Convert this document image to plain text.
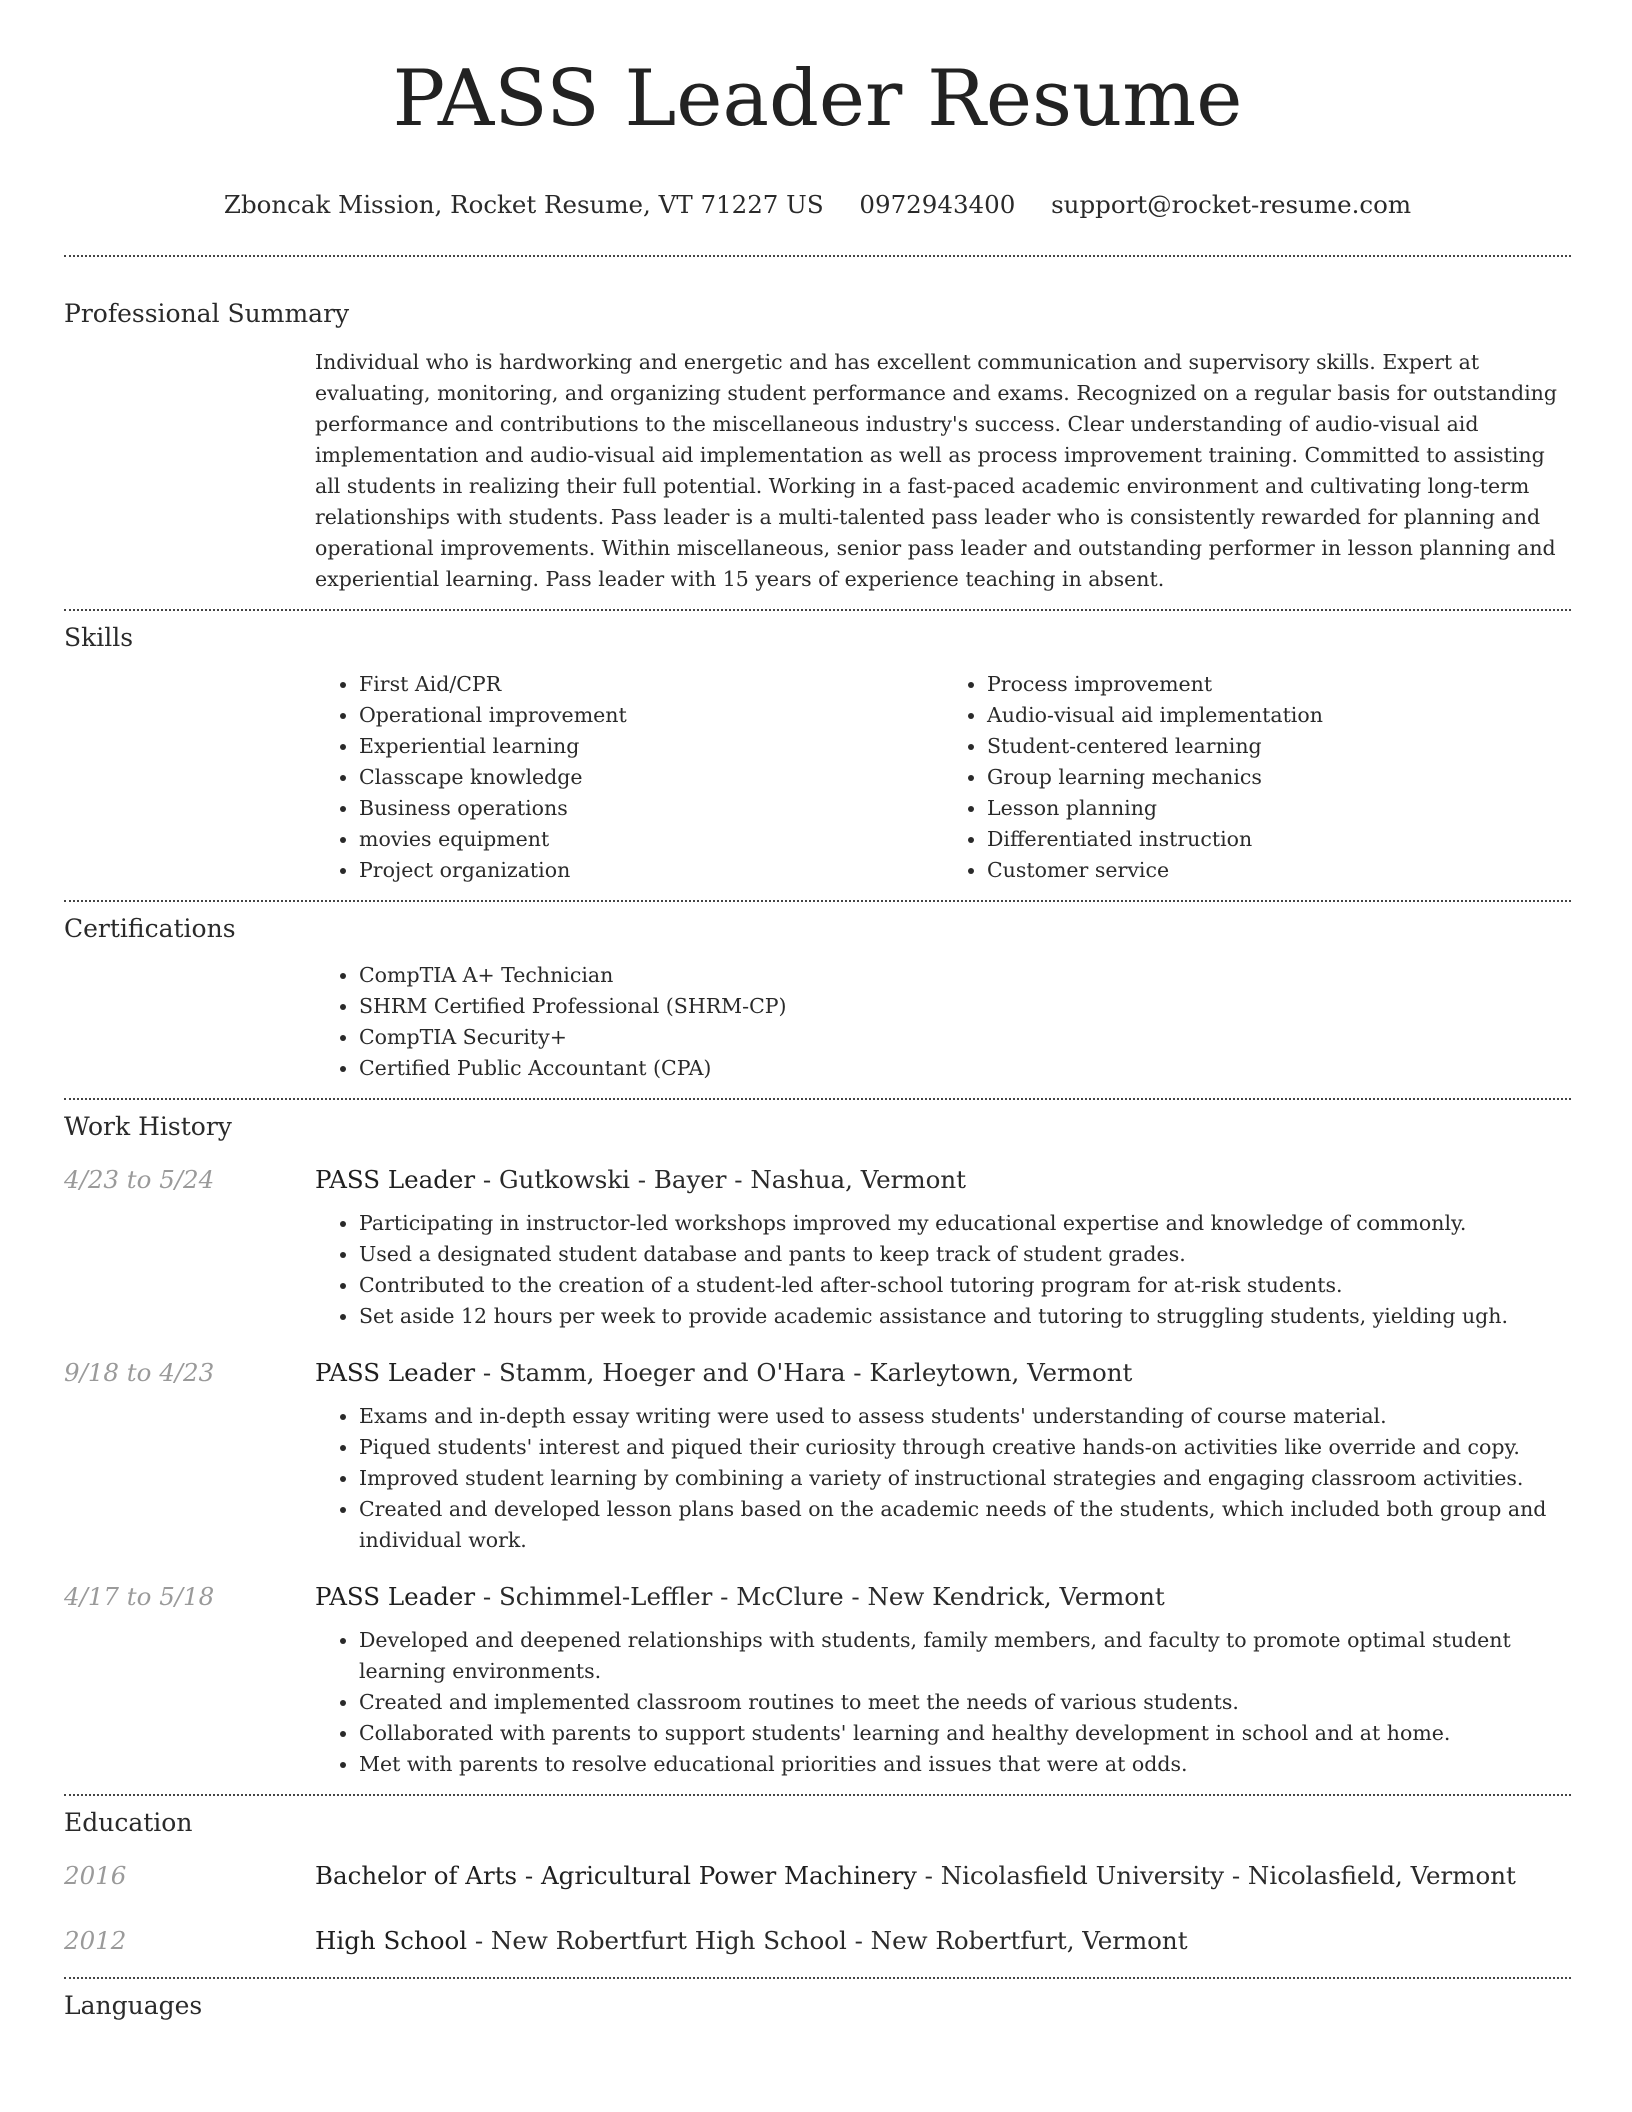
PASS Leader Resume
Zboncak Mission, Rocket Resume, VT 71227 US 0972943400 support@rocket-resume.com
Professional Summary
Individual who is hardworking and energetic and has excellent communication and supervisory skills. Expert at evaluating, monitoring, and organizing student performance and exams. Recognized on a regular basis for outstanding performance and contributions to the miscellaneous industry's success. Clear understanding of audio-visual aid implementation and audio-visual aid implementation as well as process improvement training. Committed to assisting all students in realizing their full potential. Working in a fast-paced academic environment and cultivating long-term relationships with students. Pass leader is a multi-talented pass leader who is consistently rewarded for planning and operational improvements. Within miscellaneous, senior pass leader and outstanding performer in lesson planning and experiential learning. Pass leader with 15 years of experience teaching in absent.
Skills
• First Aid/CPR
• Operational improvement
• Experiential learning
• Classcape knowledge
• Business operations
• movies equipment
• Project organization
• Process improvement
• Audio-visual aid implementation
• Student-centered learning
• Group learning mechanics
• Lesson planning
• Differentiated instruction
• Customer service
Certifications
• CompTIA A+ Technician
• SHRM Certified Professional (SHRM-CP)
• CompTIA Security+
• Certified Public Accountant (CPA)
Work History
4/23 to 5/24	PASS Leader - Gutkowski - Bayer - Nashua, Vermont
• Participating in instructor-led workshops improved my educational expertise and knowledge of commonly.
• Used a designated student database and pants to keep track of student grades.
• Contributed to the creation of a student-led after-school tutoring program for at-risk students.
• Set aside 12 hours per week to provide academic assistance and tutoring to struggling students, yielding ugh.
9/18 to 4/23	PASS Leader - Stamm, Hoeger and O'Hara - Karleytown, Vermont
• Exams and in-depth essay writing were used to assess students' understanding of course material.
• Piqued students' interest and piqued their curiosity through creative hands-on activities like override and copy.
• Improved student learning by combining a variety of instructional strategies and engaging classroom activities.
• Created and developed lesson plans based on the academic needs of the students, which included both group and individual work.
4/17 to 5/18	PASS Leader - Schimmel-Leffler - McClure - New Kendrick, Vermont
• Developed and deepened relationships with students, family members, and faculty to promote optimal student learning environments.
• Created and implemented classroom routines to meet the needs of various students.
• Collaborated with parents to support students' learning and healthy development in school and at home.
• Met with parents to resolve educational priorities and issues that were at odds.
Education
2016	Bachelor of Arts - Agricultural Power Machinery - Nicolasfield University - Nicolasfield, Vermont
2012	High School - New Robertfurt High School - New Robertfurt, Vermont
Languages
